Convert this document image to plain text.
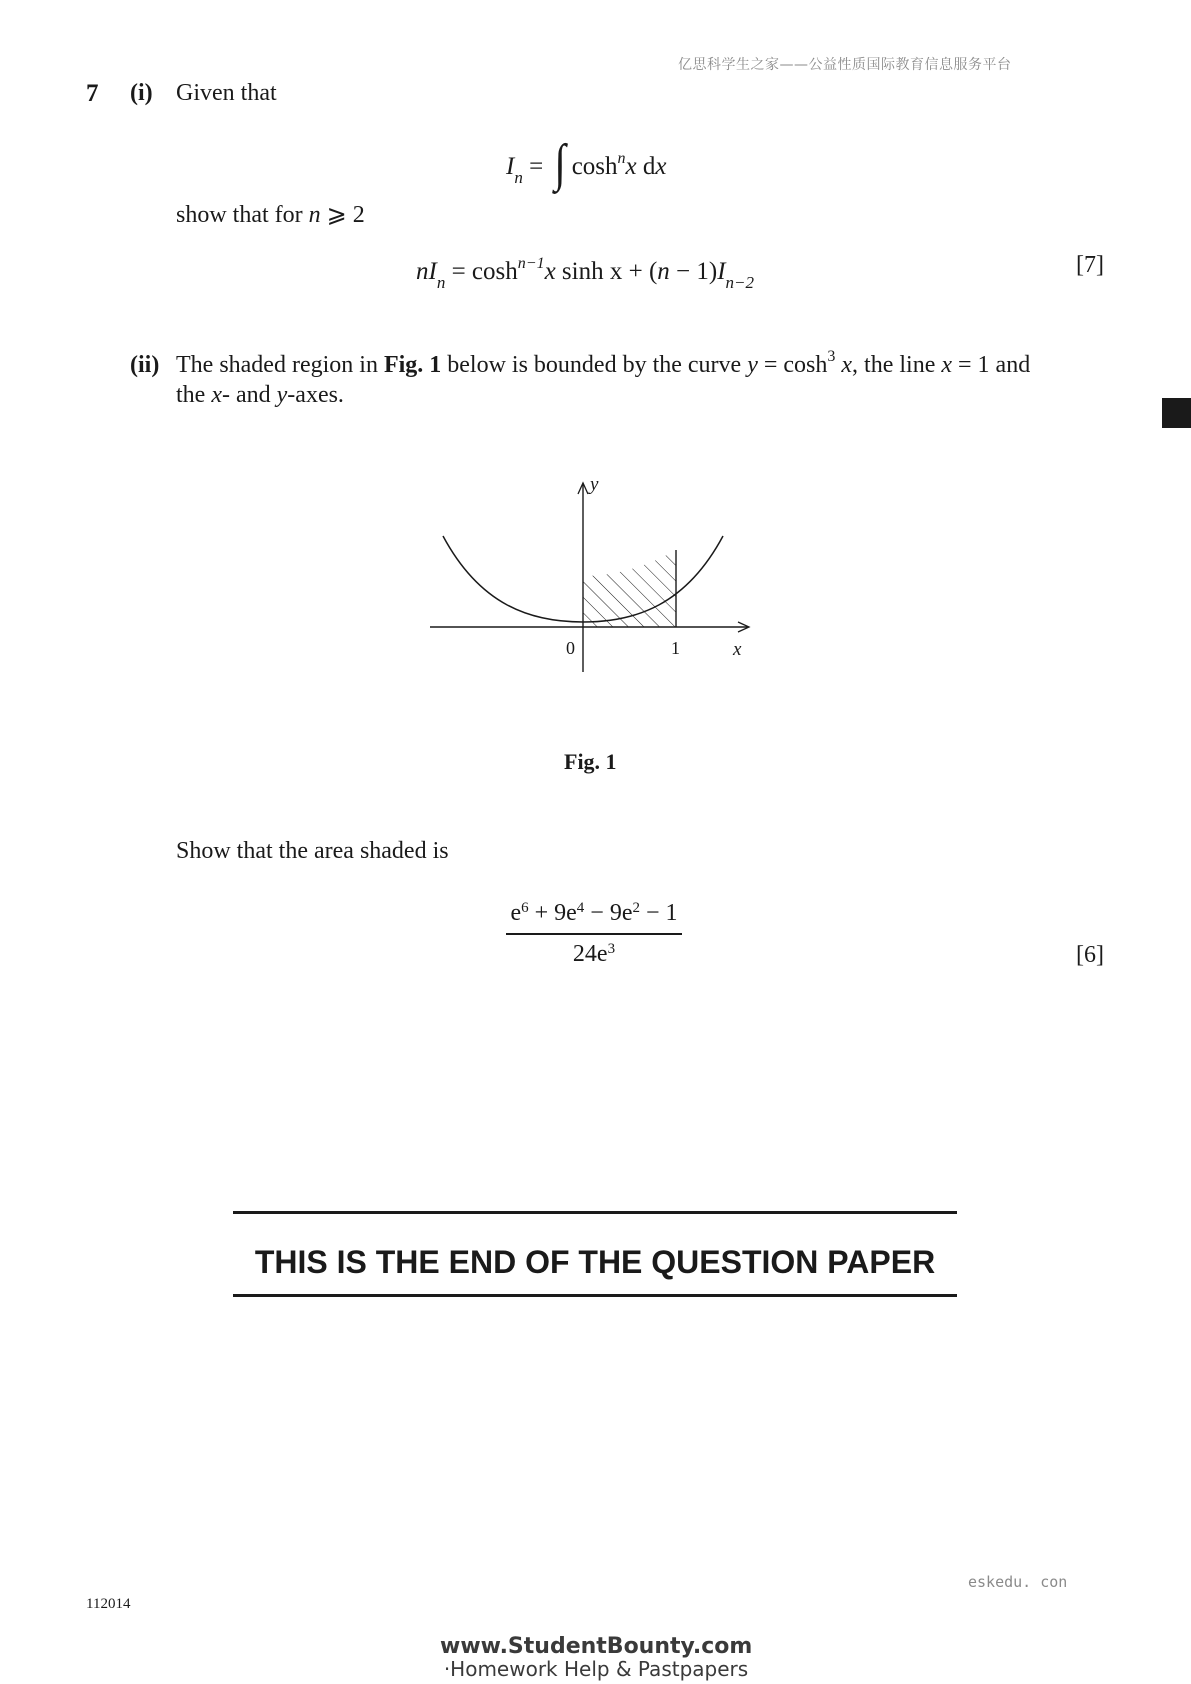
亿思科学生之家——公益性质国际教育信息服务平台
7 (i) Given that
$I_n$ = ∫ $\cosh^nx$ dx
show that for n ⩾ 2
$nI_n = \cosh^{n-1}x$ $\sinh x + (n - 1)I_{n-2}$
[7]
(ii) The shaded region in Fig. 1 below is bounded by the curve $y = \cosh^3 x$, the line x = 1 and
the x- and y-axes.
y
x
0	1
Fig. 1
Show that the area shaded is
$e^6 + 9e^4 - 9e^2 - 1$
$24e^3$	[6]
THIS IS THE END OF THE QUESTION PAPER
eskedu. con
112014
www.StudentBounty.com
·Homework Help & Pastpapers
